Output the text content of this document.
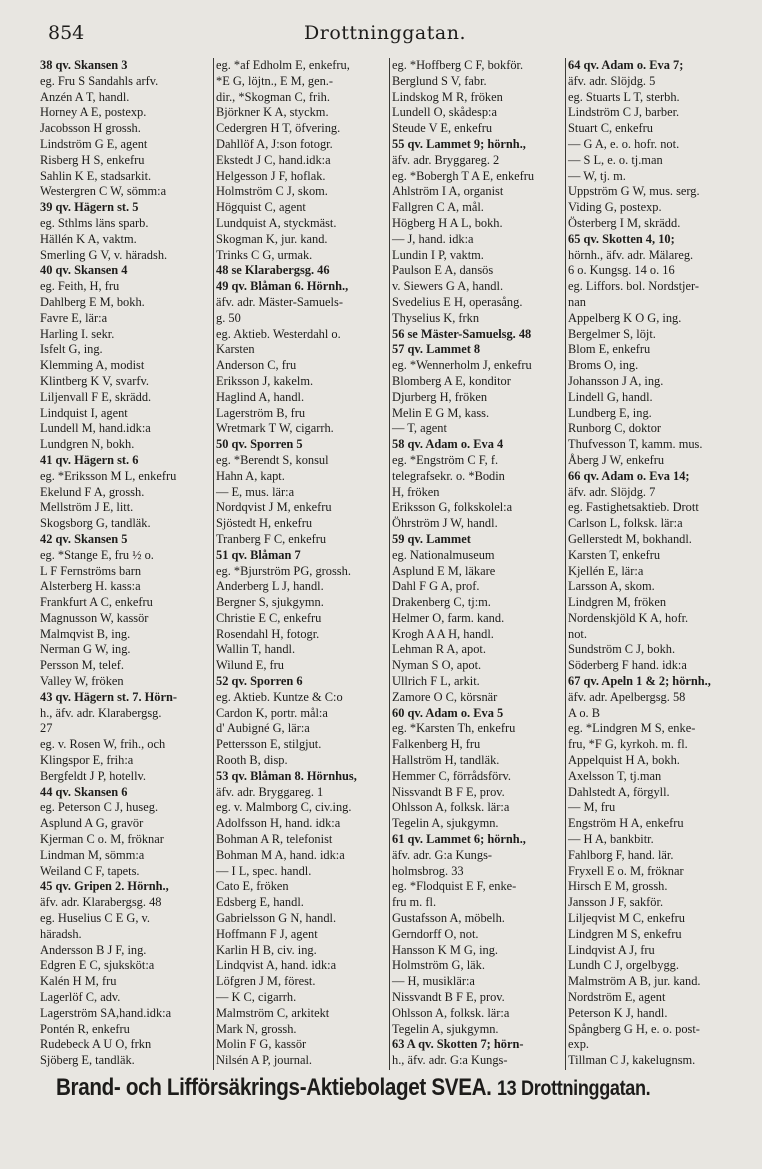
854	Drottninggatan.
38 qv. Skansen 3
eg. Fru S Sandahls arfv.
Anzén A T, handl.
Horney A E, postexp.
Jacobsson H grossh.
Lindström G E, agent
Risberg H S, enkefru
Sahlin K E, stadsarkit.
Westergren C W, sömm:a
39 qv. Hägern st. 5
eg. Sthlms läns sparb.
Hällén K A, vaktm.
Smerling G V, v. häradsh.
40 qv. Skansen 4
eg. Feith, H, fru
Dahlberg E M, bokh.
Favre E, lär:a
Harling I. sekr.
Isfelt G, ing.
Klemming A, modist
Klintberg K V, svarfv.
Liljenvall F E, skrädd.
Lindquist I, agent
Lundell M, hand.idk:a
Lundgren N, bokh.
41 qv. Hägern st. 6
eg. *Eriksson M L, enkefru
Ekelund F A, grossh.
Mellström J E, litt.
Skogsborg G, tandläk.
42 qv. Skansen 5
eg. *Stange E, fru ½ o.
L F Fernströms barn
Alsterberg H. kass:a
Frankfurt A C, enkefru
Magnusson W, kassör
Malmqvist B, ing.
Nerman G W, ing.
Persson M, telef.
Valley W, fröken
43 qv. Hägern st. 7. Hörn-
h., äfv. adr. Klarabergsg.
27
eg. v. Rosen W, frih., och
Klingspor E, frih:a
Bergfeldt J P, hotellv.
44 qv. Skansen 6
eg. Peterson C J, huseg.
Asplund A G, gravör
Kjerman C o. M, fröknar
Lindman M, sömm:a
Weiland C F, tapets.
45 qv. Gripen 2. Hörnh.,
äfv. adr. Klarabergsg. 48
eg. Huselius C E G, v.
häradsh.
Andersson B J F, ing.
Edgren E C, sjuksköt:a
Kalén H M, fru
Lagerlöf C, adv.
Lagerström SA,hand.idk:a
Pontén R, enkefru
Rudebeck A U O, frkn
Sjöberg E, tandläk.
eg. *af Edholm E, enkefru,
*E G, löjtn., E M, gen.-
dir., *Skogman C, frih.
Björkner K A, styckm.
Cedergren H T, öfvering.
Dahllöf A, J:son fotogr.
Ekstedt J C, hand.idk:a
Helgesson J F, hoflak.
Holmström C J, skom.
Högquist C, agent
Lundquist A, styckmäst.
Skogman K, jur. kand.
Trinks C G, urmak.
48 se Klarabergsg. 46
49 qv. Blåman 6. Hörnh.,
äfv. adr. Mäster-Samuels-
g. 50
eg. Aktieb. Westerdahl o.
Karsten
Anderson C, fru
Eriksson J, kakelm.
Haglind A, handl.
Lagerström B, fru
Wretmark T W, cigarrh.
50 qv. Sporren 5
eg. *Berendt S, konsul
Hahn A, kapt.
— E, mus. lär:a
Nordqvist J M, enkefru
Sjöstedt H, enkefru
Tranberg F C, enkefru
51 qv. Blåman 7
eg. *Bjurström PG, grossh.
Anderberg L J, handl.
Bergner S, sjukgymn.
Christie E C, enkefru
Rosendahl H, fotogr.
Wallin T, handl.
Wilund E, fru
52 qv. Sporren 6
eg. Aktieb. Kuntze & C:o
Cardon K, portr. mål:a
d' Aubigné G, lär:a
Pettersson E, stilgjut.
Rooth B, disp.
53 qv. Blåman 8. Hörnhus,
äfv. adr. Bryggareg. 1
eg. v. Malmborg C, civ.ing.
Adolfsson H, hand. idk:a
Bohman A R, telefonist
Bohman M A, hand. idk:a
— I L, spec. handl.
Cato E, fröken
Edsberg E, handl.
Gabrielsson G N, handl.
Hoffmann F J, agent
Karlin H B, civ. ing.
Lindqvist A, hand. idk:a
Löfgren J M, förest.
— K C, cigarrh.
Malmström C, arkitekt
Mark N, grossh.
Molin F G, kassör
Nilsén A P, journal.
eg. *Hoffberg C F, bokför.
Berglund S V, fabr.
Lindskog M R, fröken
Lundell O, skådesp:a
Steude V E, enkefru
55 qv. Lammet 9; hörnh.,
äfv. adr. Bryggareg. 2
eg. *Bobergh T A E, enkefru
Ahlström I A, organist
Fallgren C A, mål.
Högberg H A L, bokh.
— J, hand. idk:a
Lundin I P, vaktm.
Paulson E A, dansös
v. Siewers G A, handl.
Svedelius E H, operasång.
Thyselius K, frkn
56 se Mäster-Samuelsg. 48
57 qv. Lammet 8
eg. *Wennerholm J, enkefru
Blomberg A E, konditor
Djurberg H, fröken
Melin E G M, kass.
— T, agent
58 qv. Adam o. Eva 4
eg. *Engström C F, f.
telegrafsekr. o. *Bodin
H, fröken
Eriksson G, folkskolel:a
Öhrström J W, handl.
59 qv. Lammet
eg. Nationalmuseum
Asplund E M, läkare
Dahl F G A, prof.
Drakenberg C, tj:m.
Helmer O, farm. kand.
Krogh A A H, handl.
Lehman R A, apot.
Nyman S O, apot.
Ullrich F L, arkit.
Zamore O C, körsnär
60 qv. Adam o. Eva 5
eg. *Karsten Th, enkefru
Falkenberg H, fru
Hallström H, tandläk.
Hemmer C, förrådsförv.
Nissvandt B F E, prov.
Ohlsson A, folksk. lär:a
Tegelin A, sjukgymn.
61 qv. Lammet 6; hörnh.,
äfv. adr. G:a Kungs-
holmsbrog. 33
eg. *Flodquist E F, enke-
fru m. fl.
Gustafsson A, möbelh.
Gerndorff O, not.
Hansson K M G, ing.
Holmström G, läk.
— H, musiklär:a
Nissvandt B F E, prov.
Ohlsson A, folksk. lär:a
Tegelin A, sjukgymn.
63 A qv. Skotten 7; hörn-
h., äfv. adr. G:a Kungs-
64 qv. Adam o. Eva 7;
äfv. adr. Slöjdg. 5
eg. Stuarts L T, sterbh.
Lindström C J, barber.
Stuart C, enkefru
— G A, e. o. hofr. not.
— S L, e. o. tj.man
— W, tj. m.
Uppström G W, mus. serg.
Viding G, postexp.
Österberg I M, skrädd.
65 qv. Skotten 4, 10;
hörnh., äfv. adr. Mälareg.
6 o. Kungsg. 14 o. 16
eg. Liffors. bol. Nordstjer-
nan
Appelberg K O G, ing.
Bergelmer S, löjt.
Blom E, enkefru
Broms O, ing.
Johansson J A, ing.
Lindell G, handl.
Lundberg E, ing.
Runborg C, doktor
Thufvesson T, kamm. mus.
Åberg J W, enkefru
66 qv. Adam o. Eva 14;
äfv. adr. Slöjdg. 7
eg. Fastighetsaktieb. Drott
Carlson L, folksk. lär:a
Gellerstedt M, bokhandl.
Karsten T, enkefru
Kjellén E, lär:a
Larsson A, skom.
Lindgren M, fröken
Nordenskjöld K A, hofr.
not.
Sundström C J, bokh.
Söderberg F hand. idk:a
67 qv. Apeln 1 & 2; hörnh.,
äfv. adr. Apelbergsg. 58
A o. B
eg. *Lindgren M S, enke-
fru, *F G, kyrkoh. m. fl.
Appelquist H A, bokh.
Axelsson T, tj.man
Dahlstedt A, förgyll.
— M, fru
Engström H A, enkefru
— H A, bankbitr.
Fahlborg F, hand. lär.
Fryxell E o. M, fröknar
Hirsch E M, grossh.
Jansson J F, sakför.
Liljeqvist M C, enkefru
Lindgren M S, enkefru
Lindqvist A J, fru
Lundh C J, orgelbygg.
Malmström A B, jur. kand.
Nordström E, agent
Peterson K J, handl.
Spångberg G H, e. o. post-
exp.
Tillman C J, kakelugnsm.
Brand- och Lifförsäkrings-Aktiebolaget SVEA. 13 Drottninggatan.
